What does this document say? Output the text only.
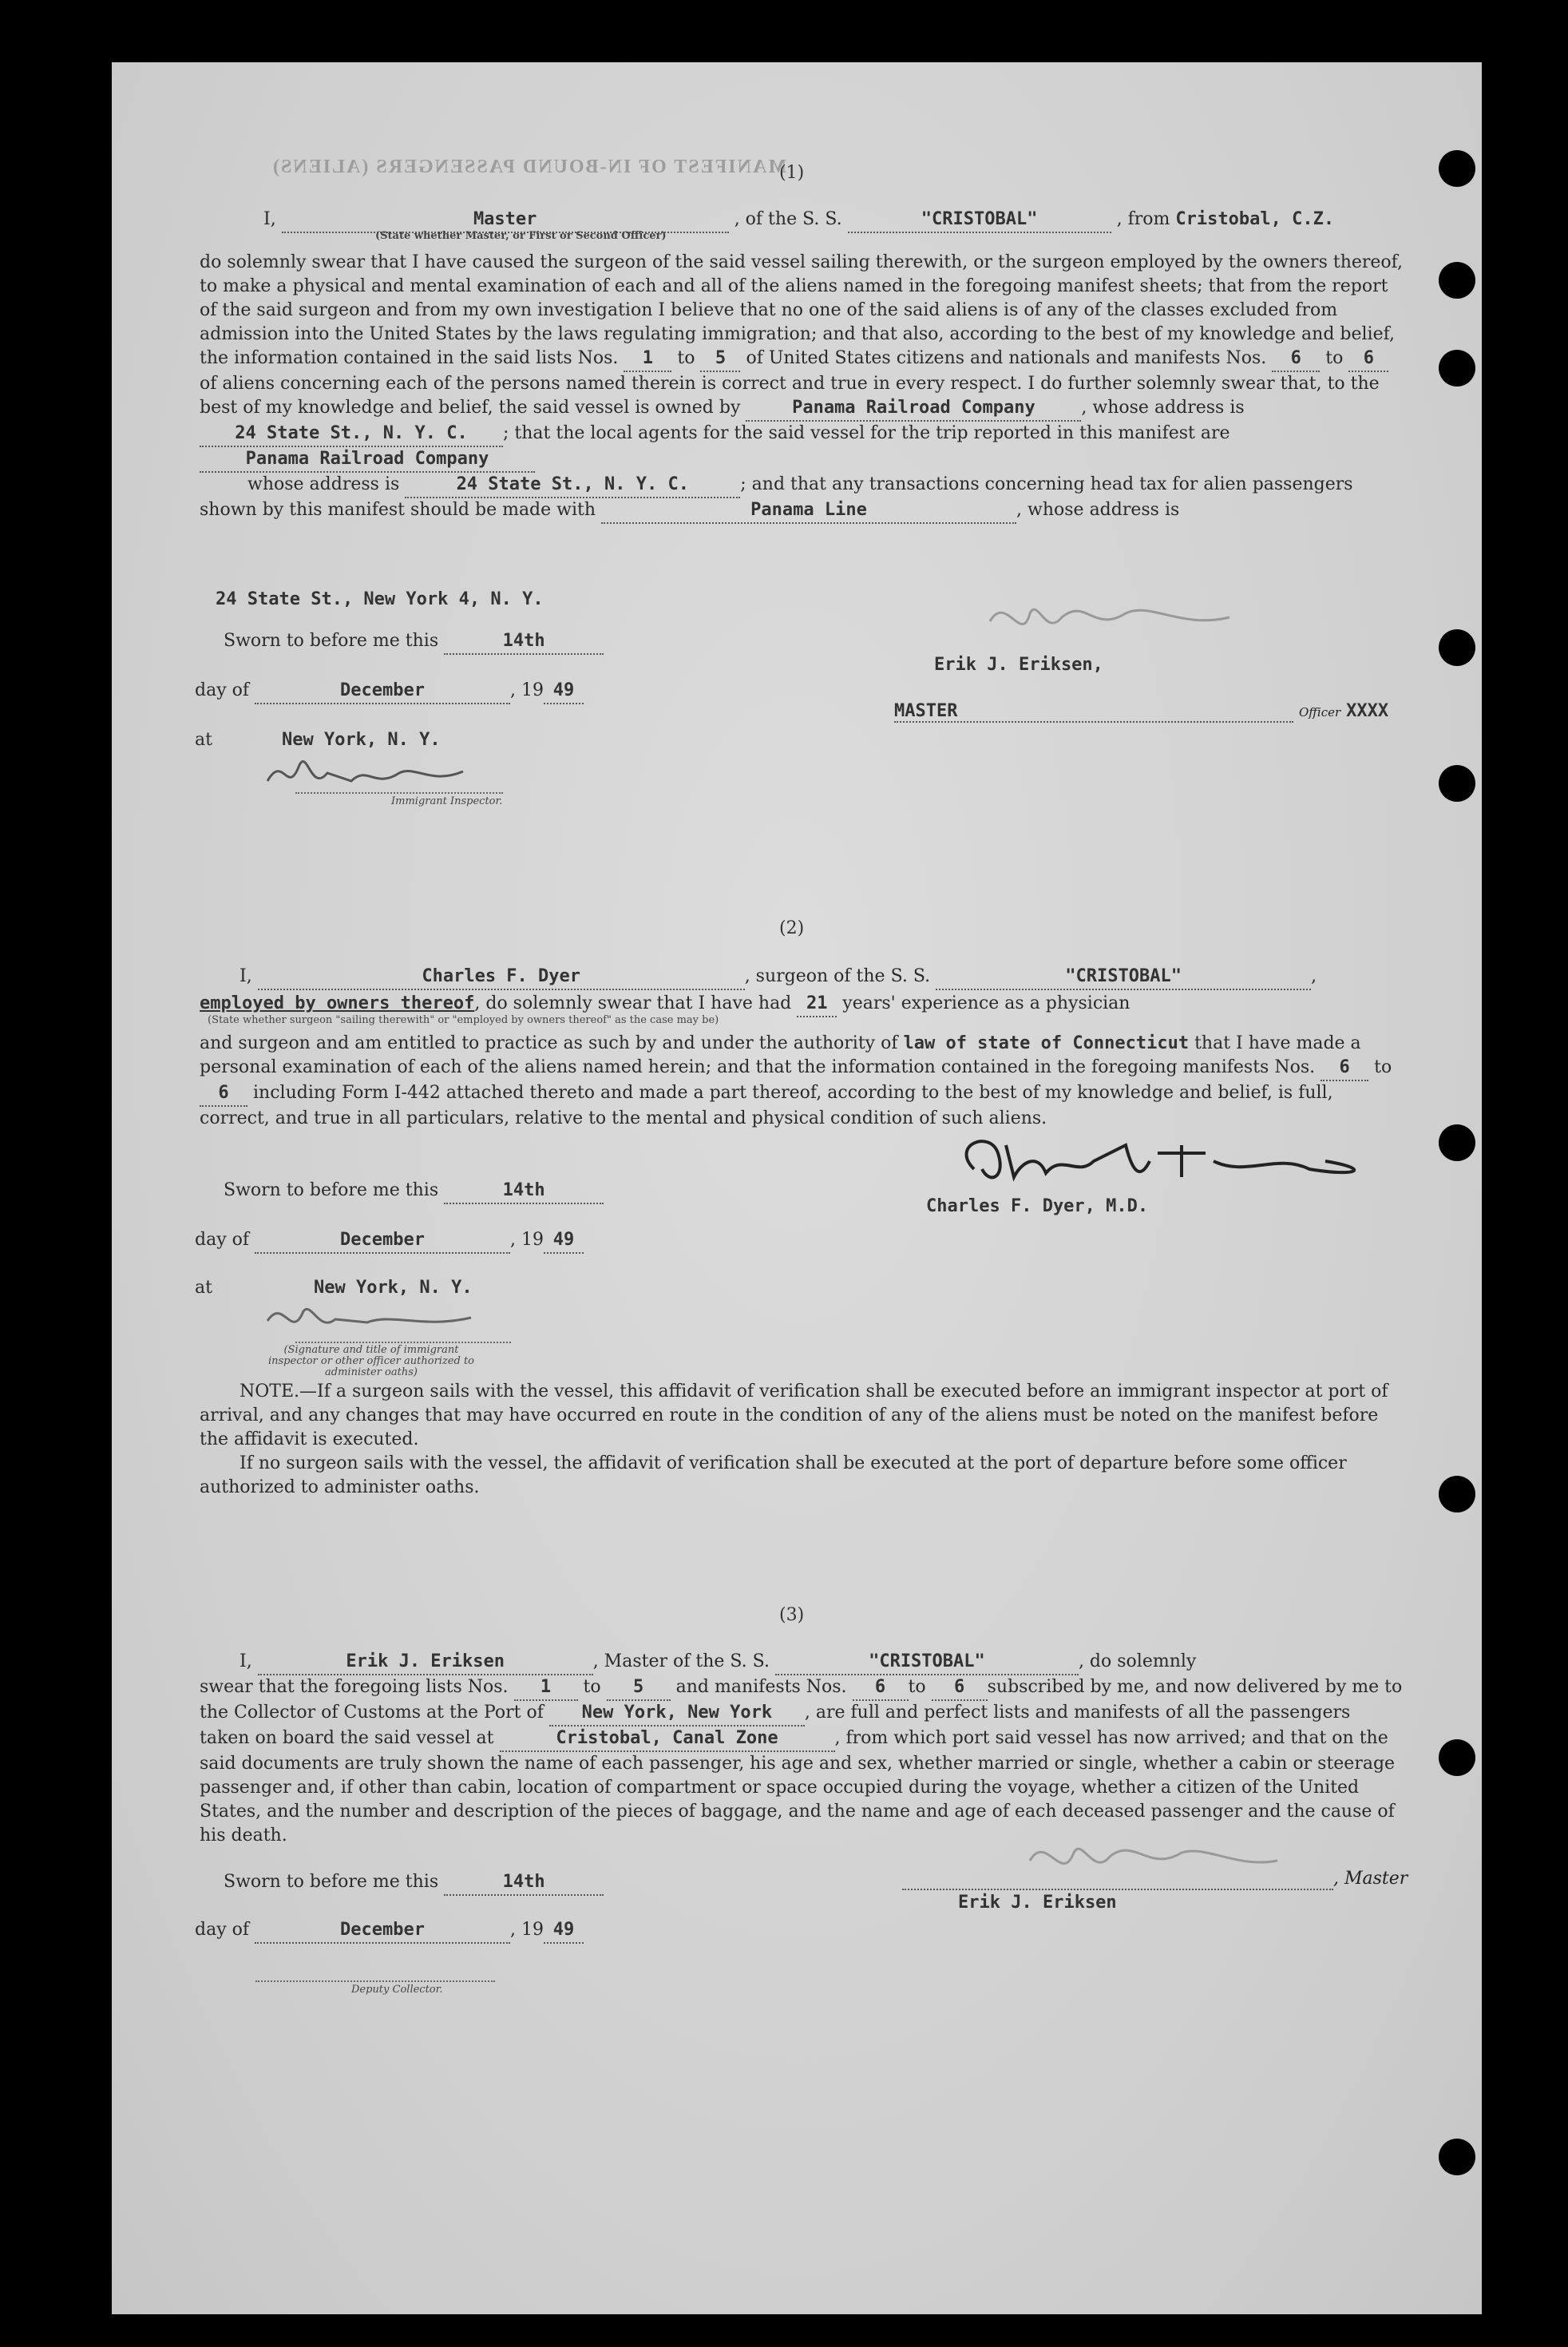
MANIFEST OF IN-BOUND PASSENGERS (ALIENS)
(1)
I,	Master	, of the S. S.	"CRISTOBAL"	, from Cristobal, C.Z.
(State whether Master, or First or Second Officer)
do solemnly swear that I have caused the surgeon of the said vessel sailing therewith, or the surgeon employed by the owners thereof, to make a physical and mental examination of each and all of the aliens named in the foregoing manifest sheets; that from the report of the said surgeon and from my own investigation I believe that no one of the said aliens is of any of the classes excluded from admission into the United States by the laws regulating immigration; and that also, according to the best of my knowledge and belief, the information contained in the said lists Nos. 1 to 5 of United States citizens and nationals and manifests Nos. 6 to 6 of aliens concerning each of the persons named therein is correct and true in every respect. I do further solemnly swear that, to the best of my knowledge and belief, the said vessel is owned by	Panama Railroad Company	, whose address is 24 State St., N. Y. C. ; that the local agents for the said vessel for the trip reported in this manifest are Panama Railroad Company
whose address is	24 State St., N. Y. C.	; and that any transactions concerning head tax for alien passengers shown by this manifest should be made with	Panama Line	, whose address is
24 State St., New York 4, N. Y.
Sworn to before me this	14th
day of	December	, 19 49
at	New York, N. Y.
Immigrant Inspector.
Erik J. Eriksen,
MASTER	Officer XXXX
(2)
I,	Charles F. Dyer	, surgeon of the S. S.	"CRISTOBAL"	,
employed by owners thereof, do solemnly swear that I have had 21 years' experience as a physician
(State whether surgeon "sailing therewith" or "employed by owners thereof" as the case may be)
and surgeon and am entitled to practice as such by and under the authority of law of state of Connecticut that I have made a personal examination of each of the aliens named herein; and that the information contained in the foregoing manifests Nos. 6 to 6 including Form I-442 attached thereto and made a part thereof, according to the best of my knowledge and belief, is full, correct, and true in all particulars, relative to the mental and physical condition of such aliens.
Sworn to before me this	14th
day of	December	, 19 49
at	New York, N. Y.
(Signature and title of immigrant inspector or other officer authorized to administer oaths)
Charles F. Dyer, M.D.
NOTE.—If a surgeon sails with the vessel, this affidavit of verification shall be executed before an immigrant inspector at port of arrival, and any changes that may have occurred en route in the condition of any of the aliens must be noted on the manifest before the affidavit is executed.
If no surgeon sails with the vessel, the affidavit of verification shall be executed at the port of departure before some officer authorized to administer oaths.
(3)
I,	Erik J. Eriksen	, Master of the S. S.	"CRISTOBAL"	, do solemnly
swear that the foregoing lists Nos. 1 to 5 and manifests Nos. 6 to 6 subscribed by me, and now delivered by me to the Collector of Customs at the Port of New York, New York , are full and perfect lists and manifests of all the passengers taken on board the said vessel at	Cristobal, Canal Zone	, from which port said vessel has now arrived; and that on the said documents are truly shown the name of each passenger, his age and sex, whether married or single, whether a cabin or steerage passenger and, if other than cabin, location of compartment or space occupied during the voyage, whether a citizen of the United States, and the number and description of the pieces of baggage, and the name and age of each deceased passenger and the cause of his death.
Sworn to before me this	14th
day of	December	, 19 49
Deputy Collector.
, Master
Erik J. Eriksen
